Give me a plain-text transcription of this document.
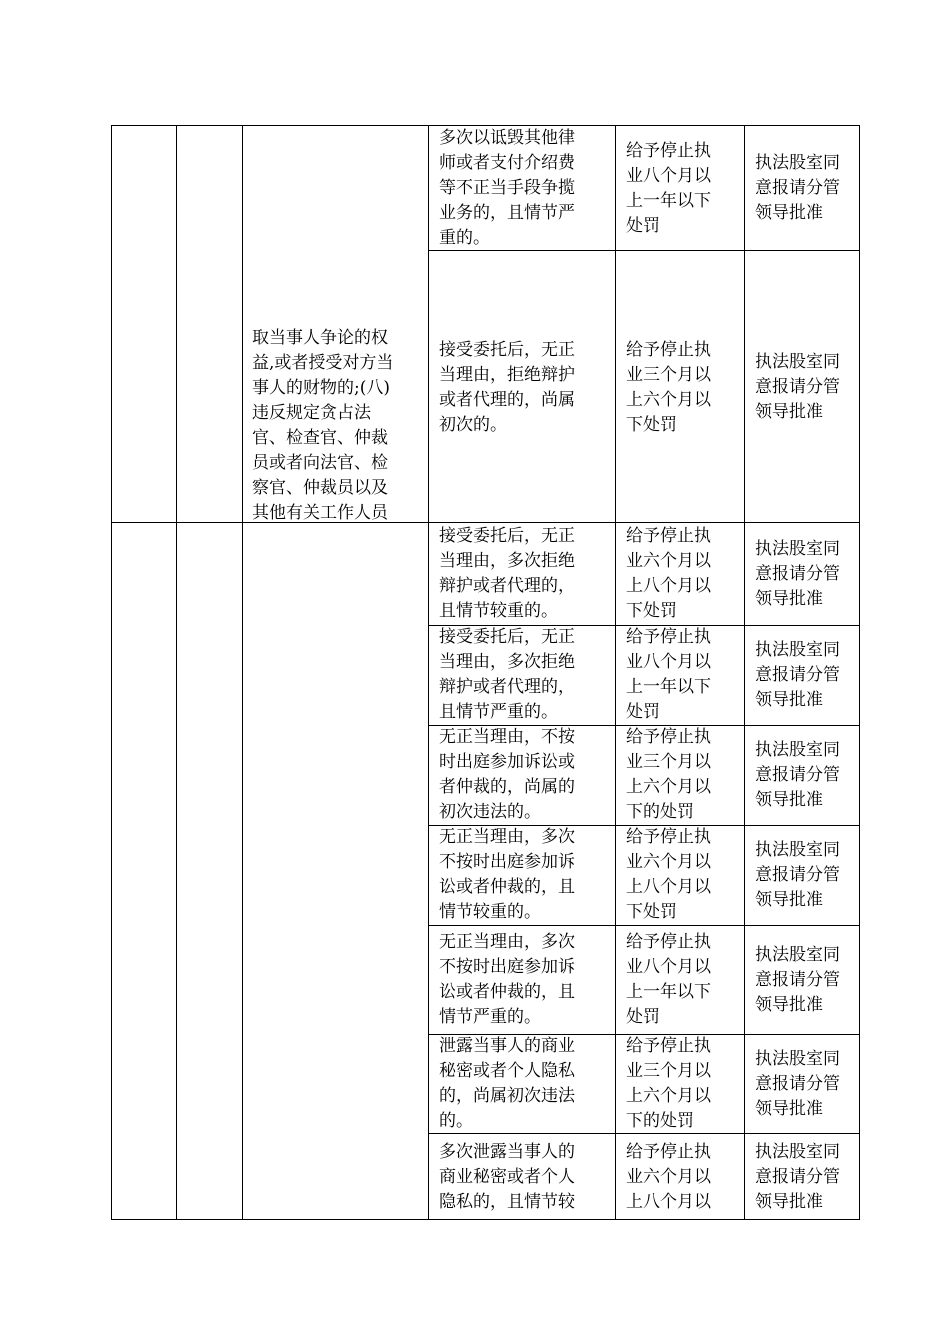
取当事人争论的权
益,或者授受对方当
事人的财物的;(八)
违反规定贪占法
官、检查官、仲裁
员或者向法官、检
察官、仲裁员以及
其他有关工作人员
多次以诋毁其他律
师或者支付介绍费
等不正当手段争揽
业务的，且情节严
重的。
给予停止执
业八个月以
上一年以下
处罚
执法股室同
意报请分管
领导批准
接受委托后，无正
当理由，拒绝辩护
或者代理的，尚属
初次的。
给予停止执
业三个月以
上六个月以
下处罚
执法股室同
意报请分管
领导批准
接受委托后，无正
当理由，多次拒绝
辩护或者代理的，
且情节较重的。
给予停止执
业六个月以
上八个月以
下处罚
执法股室同
意报请分管
领导批准
接受委托后，无正
当理由，多次拒绝
辩护或者代理的，
且情节严重的。
给予停止执
业八个月以
上一年以下
处罚
执法股室同
意报请分管
领导批准
无正当理由，不按
时出庭参加诉讼或
者仲裁的，尚属的
初次违法的。
给予停止执
业三个月以
上六个月以
下的处罚
执法股室同
意报请分管
领导批准
无正当理由，多次
不按时出庭参加诉
讼或者仲裁的，且
情节较重的。
给予停止执
业六个月以
上八个月以
下处罚
执法股室同
意报请分管
领导批准
无正当理由，多次
不按时出庭参加诉
讼或者仲裁的，且
情节严重的。
给予停止执
业八个月以
上一年以下
处罚
执法股室同
意报请分管
领导批准
泄露当事人的商业
秘密或者个人隐私
的，尚属初次违法
的。
给予停止执
业三个月以
上六个月以
下的处罚
执法股室同
意报请分管
领导批准
多次泄露当事人的
商业秘密或者个人
隐私的，且情节较
给予停止执
业六个月以
上八个月以
执法股室同
意报请分管
领导批准
